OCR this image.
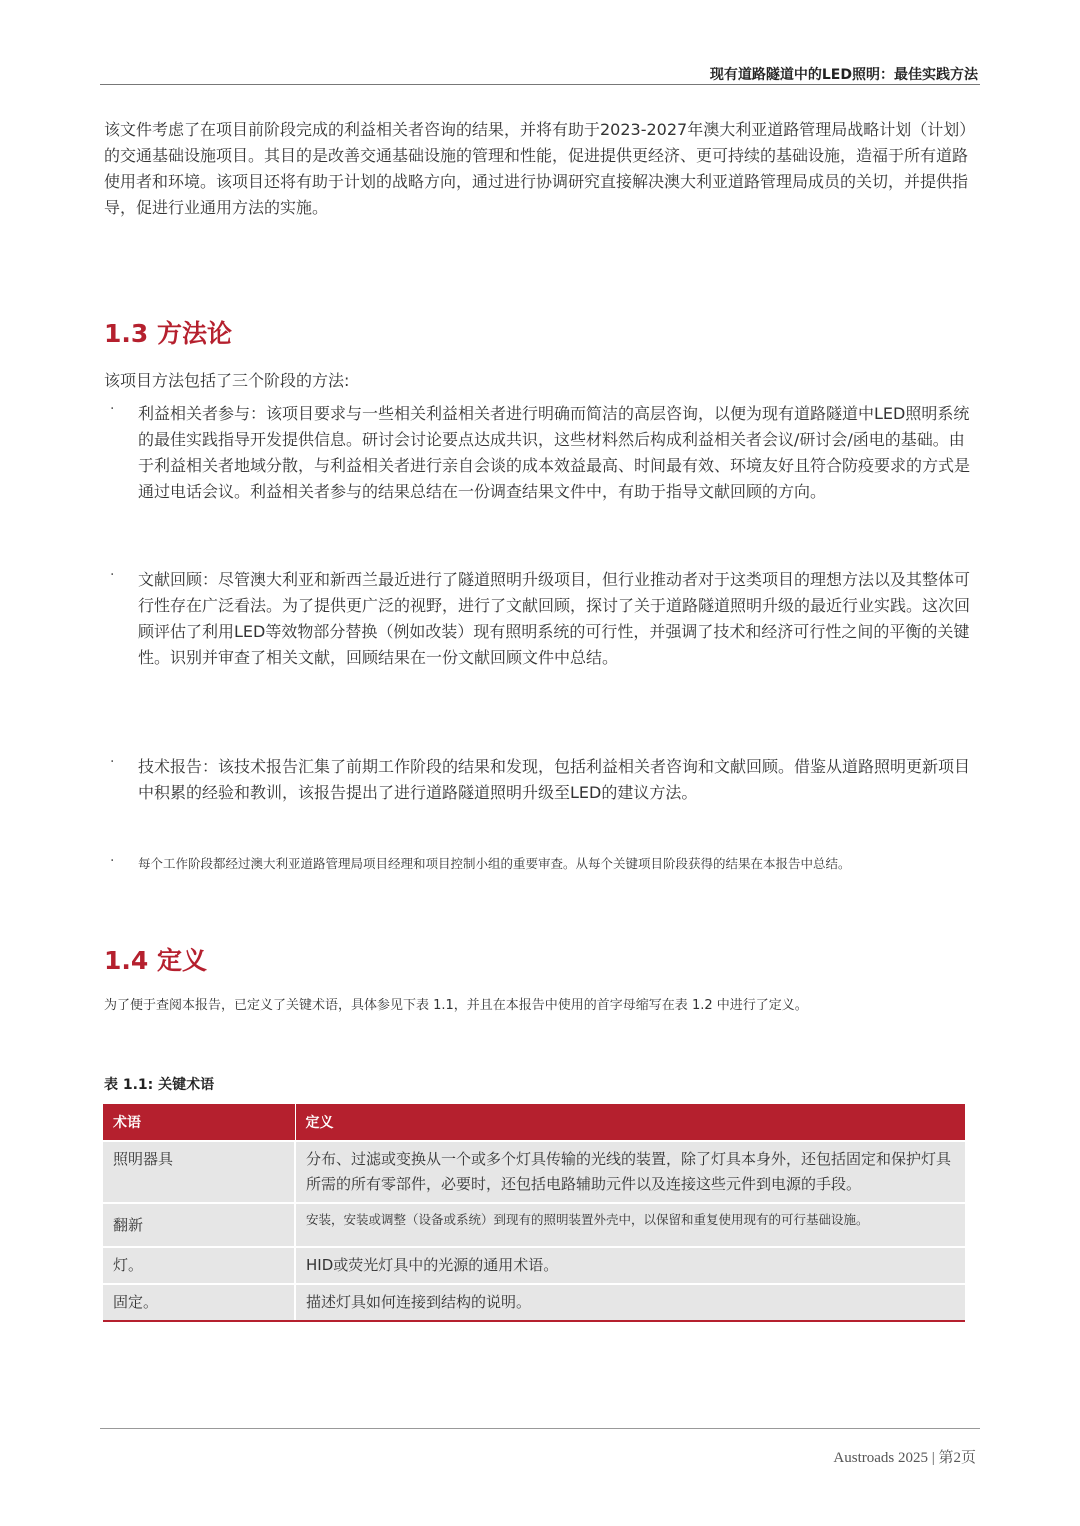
现有道路隧道中的LED照明：最佳实践方法

该文件考虑了在项目前阶段完成的利益相关者咨询的结果，并将有助于2023-2027年澳大利亚道路管理局战略计划（计划）的交通基础设施项目。其目的是改善交通基础设施的管理和性能，促进提供更经济、更可持续的基础设施，造福于所有道路使用者和环境。该项目还将有助于计划的战略方向，通过进行协调研究直接解决澳大利亚道路管理局成员的关切，并提供指导，促进行业通用方法的实施。

1.3 方法论

该项目方法包括了三个阶段的方法:

· 利益相关者参与：该项目要求与一些相关利益相关者进行明确而简洁的高层咨询，以便为现有道路隧道中LED照明系统的最佳实践指导开发提供信息。研讨会讨论要点达成共识，这些材料然后构成利益相关者会议/研讨会/函电的基础。由于利益相关者地域分散，与利益相关者进行亲自会谈的成本效益最高、时间最有效、环境友好且符合防疫要求的方式是通过电话会议。利益相关者参与的结果总结在一份调查结果文件中，有助于指导文献回顾的方向。

· 文献回顾：尽管澳大利亚和新西兰最近进行了隧道照明升级项目，但行业推动者对于这类项目的理想方法以及其整体可行性存在广泛看法。为了提供更广泛的视野，进行了文献回顾，探讨了关于道路隧道照明升级的最近行业实践。这次回顾评估了利用LED等效物部分替换（例如改装）现有照明系统的可行性，并强调了技术和经济可行性之间的平衡的关键性。识别并审查了相关文献，回顾结果在一份文献回顾文件中总结。

· 技术报告：该技术报告汇集了前期工作阶段的结果和发现，包括利益相关者咨询和文献回顾。借鉴从道路照明更新项目中积累的经验和教训，该报告提出了进行道路隧道照明升级至LED的建议方法。

· 每个工作阶段都经过澳大利亚道路管理局项目经理和项目控制小组的重要审查。从每个关键项目阶段获得的结果在本报告中总结。

1.4 定义

为了便于查阅本报告，已定义了关键术语，具体参见下表 1.1，并且在本报告中使用的首字母缩写在表 1.2 中进行了定义。

表 1.1: 关键术语
术语	定义
照明器具	分布、过滤或变换从一个或多个灯具传输的光线的装置，除了灯具本身外，还包括固定和保护灯具所需的所有零部件，必要时，还包括电路辅助元件以及连接这些元件到电源的手段。
翻新	安装，安装或调整（设备或系统）到现有的照明装置外壳中，以保留和重复使用现有的可行基础设施。
灯。	HID或荧光灯具中的光源的通用术语。
固定。	描述灯具如何连接到结构的说明。
Austroads 2025 | 第2页
